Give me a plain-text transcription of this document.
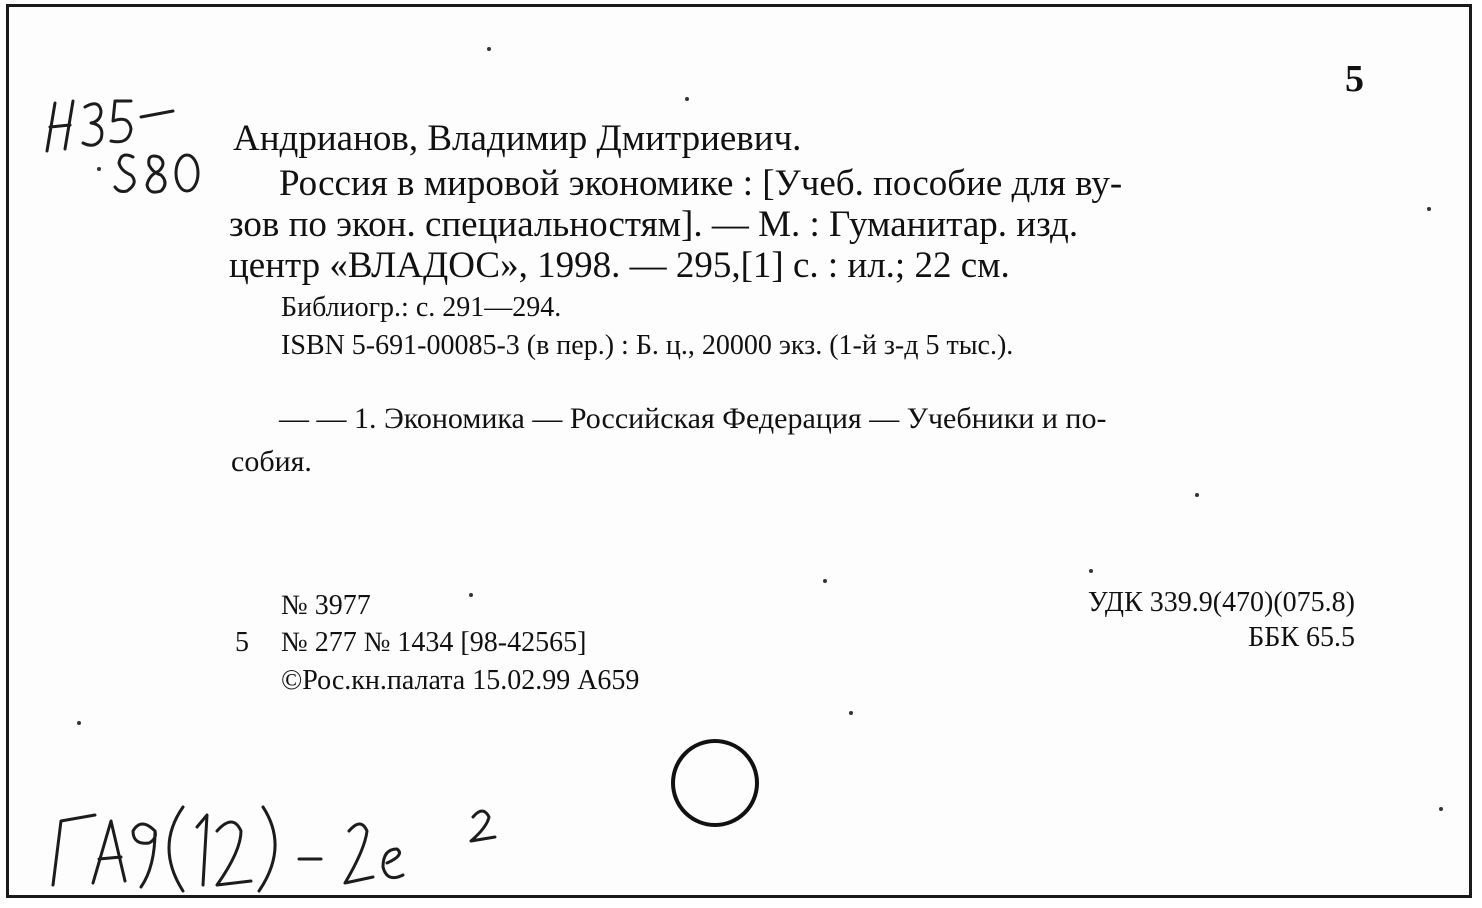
5
Андрианов, Владимир Дмитриевич.
Россия в мировой экономике : [Учеб. пособие для ву-
зов по экон. специальностям]. — М. : Гуманитар. изд.
центр «ВЛАДОС», 1998. — 295,[1] с. : ил.; 22 см.
Библиогр.: с. 291—294.
ISBN 5-691-00085-3 (в пер.) : Б. ц., 20000 экз. (1-й з-д 5 тыс.).
— — 1. Экономика — Российская Федерация — Учебники и по-
собия.
№ 3977
5 № 277 № 1434 [98-42565]
©Рос.кн.палата 15.02.99 А659
УДК 339.9(470)(075.8)
ББК 65.5
